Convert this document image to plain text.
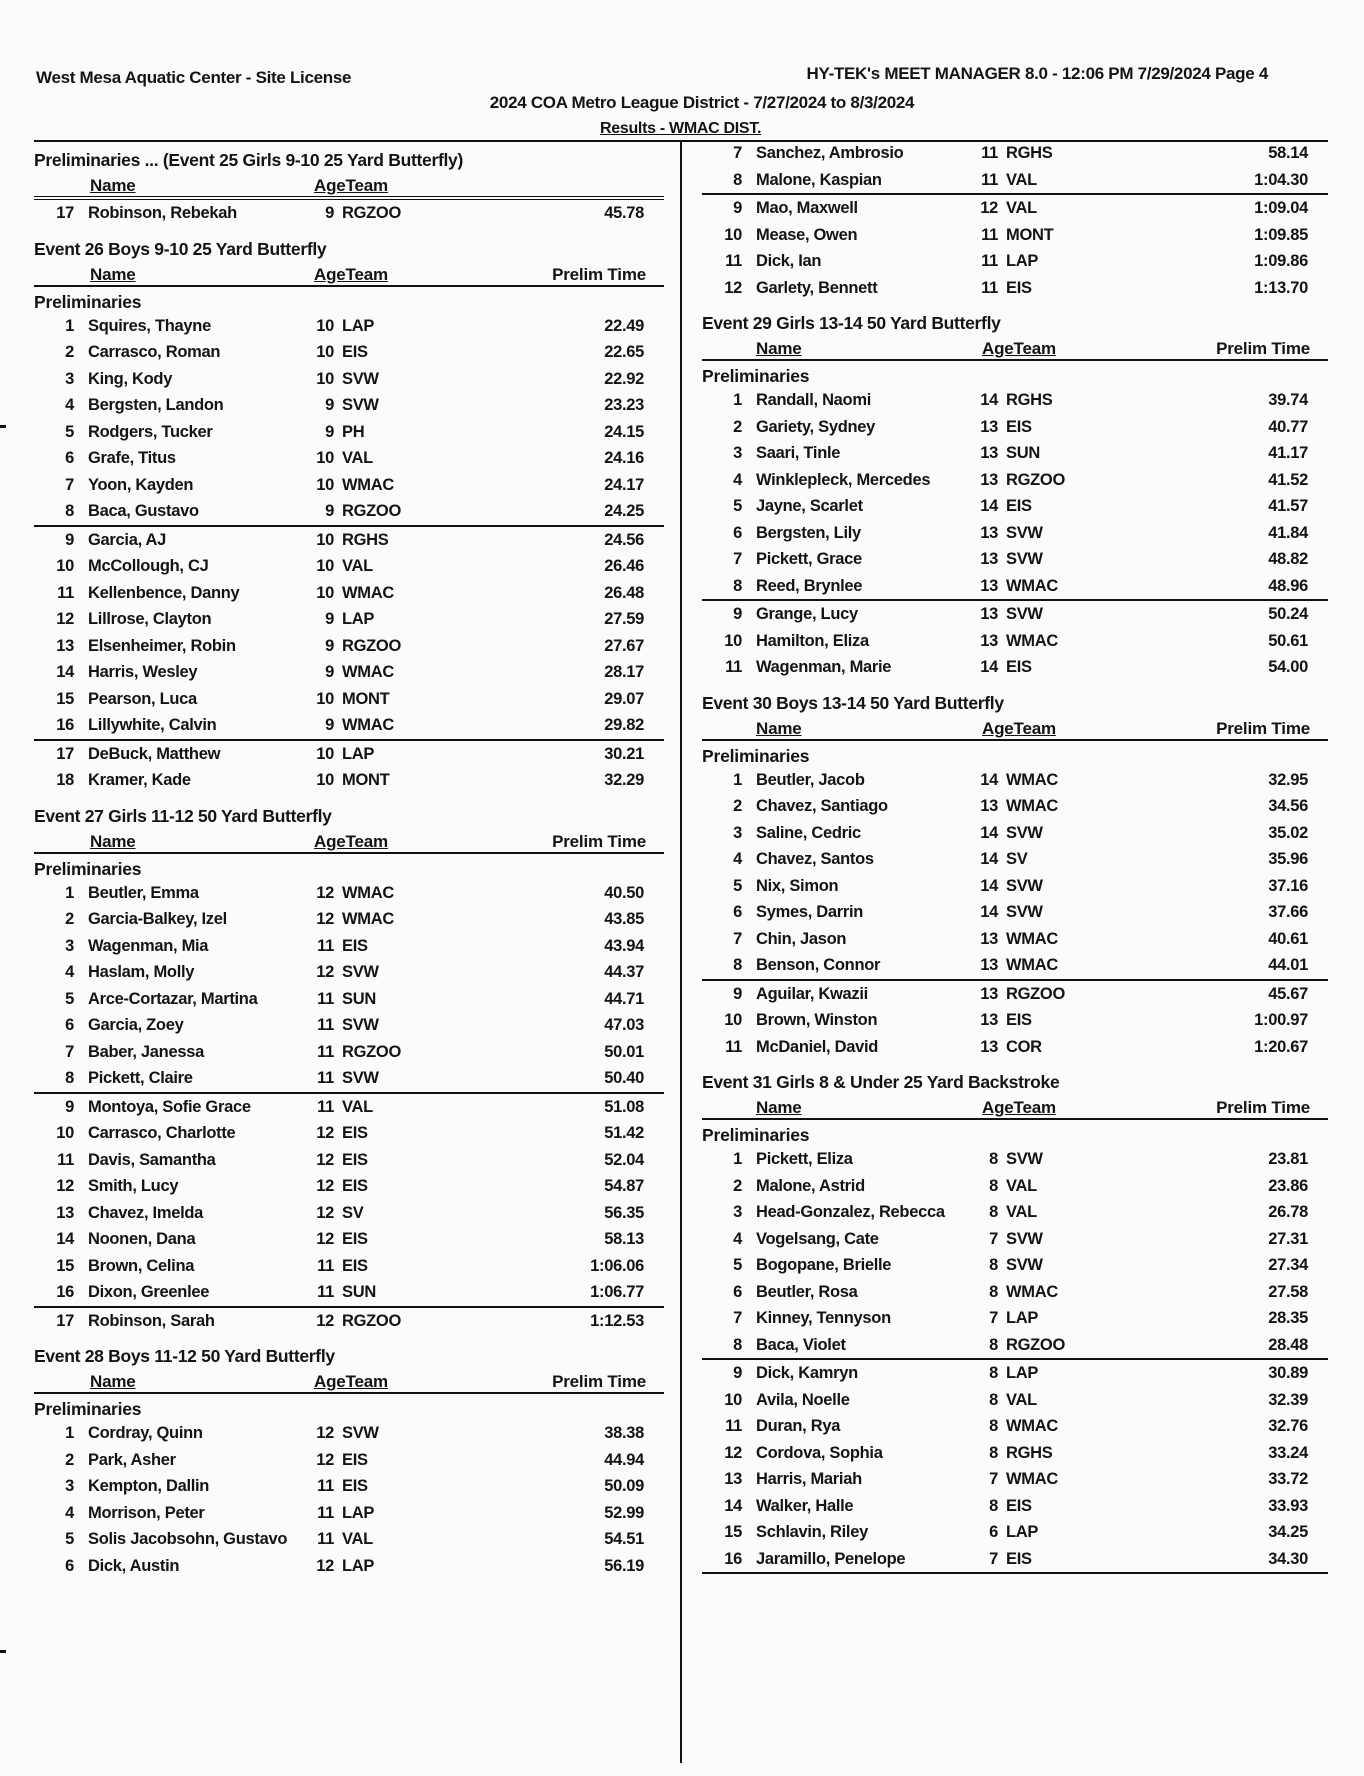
West Mesa Aquatic Center - Site License	HY-TEK's MEET MANAGER 8.0 - 12:06 PM 7/29/2024 Page 4
2024 COA Metro League District - 7/27/2024 to 8/3/2024
Results - WMAC DIST.
Preliminaries ... (Event 25 Girls 9-10 25 Yard Butterfly)
Name	AgeTeam
17 Robinson, Rebekah	9 RGZOO	45.78
Event 26 Boys 9-10 25 Yard Butterfly
Name	AgeTeam	Prelim Time
Preliminaries
1 Squires, Thayne	10 LAP	22.49
2 Carrasco, Roman	10 EIS	22.65
3 King, Kody	10 SVW	22.92
4 Bergsten, Landon	9 SVW	23.23
5 Rodgers, Tucker	9 PH	24.15
6 Grafe, Titus	10 VAL	24.16
7 Yoon, Kayden	10 WMAC	24.17
8 Baca, Gustavo	9 RGZOO	24.25
9 Garcia, AJ	10 RGHS	24.56
10 McCollough, CJ	10 VAL	26.46
11 Kellenbence, Danny	10 WMAC	26.48
12 Lillrose, Clayton	9 LAP	27.59
13 Elsenheimer, Robin	9 RGZOO	27.67
14 Harris, Wesley	9 WMAC	28.17
15 Pearson, Luca	10 MONT	29.07
16 Lillywhite, Calvin	9 WMAC	29.82
17 DeBuck, Matthew	10 LAP	30.21
18 Kramer, Kade	10 MONT	32.29
Event 27 Girls 11-12 50 Yard Butterfly
Name	AgeTeam	Prelim Time
Preliminaries
1 Beutler, Emma	12 WMAC	40.50
2 Garcia-Balkey, Izel	12 WMAC	43.85
3 Wagenman, Mia	11 EIS	43.94
4 Haslam, Molly	12 SVW	44.37
5 Arce-Cortazar, Martina	11 SUN	44.71
6 Garcia, Zoey	11 SVW	47.03
7 Baber, Janessa	11 RGZOO	50.01
8 Pickett, Claire	11 SVW	50.40
9 Montoya, Sofie Grace	11 VAL	51.08
10 Carrasco, Charlotte	12 EIS	51.42
11 Davis, Samantha	12 EIS	52.04
12 Smith, Lucy	12 EIS	54.87
13 Chavez, Imelda	12 SV	56.35
14 Noonen, Dana	12 EIS	58.13
15 Brown, Celina	11 EIS	1:06.06
16 Dixon, Greenlee	11 SUN	1:06.77
17 Robinson, Sarah	12 RGZOO	1:12.53
Event 28 Boys 11-12 50 Yard Butterfly
Name	AgeTeam	Prelim Time
Preliminaries
1 Cordray, Quinn	12 SVW	38.38
2 Park, Asher	12 EIS	44.94
3 Kempton, Dallin	11 EIS	50.09
4 Morrison, Peter	11 LAP	52.99
5 Solis Jacobsohn, Gustavo 11 VAL	54.51
6 Dick, Austin	12 LAP	56.19
7 Sanchez, Ambrosio	11 RGHS	58.14
8 Malone, Kaspian	11 VAL	1:04.30
9 Mao, Maxwell	12 VAL	1:09.04
10 Mease, Owen	11 MONT	1:09.85
11 Dick, Ian	11 LAP	1:09.86
12 Garlety, Bennett	11 EIS	1:13.70
Event 29 Girls 13-14 50 Yard Butterfly
Name	AgeTeam	Prelim Time
Preliminaries
1 Randall, Naomi	14 RGHS	39.74
2 Gariety, Sydney	13 EIS	40.77
3 Saari, Tinle	13 SUN	41.17
4 Winklepleck, Mercedes	13 RGZOO	41.52
5 Jayne, Scarlet	14 EIS	41.57
6 Bergsten, Lily	13 SVW	41.84
7 Pickett, Grace	13 SVW	48.82
8 Reed, Brynlee	13 WMAC	48.96
9 Grange, Lucy	13 SVW	50.24
10 Hamilton, Eliza	13 WMAC	50.61
11 Wagenman, Marie	14 EIS	54.00
Event 30 Boys 13-14 50 Yard Butterfly
Name	AgeTeam	Prelim Time
Preliminaries
1 Beutler, Jacob	14 WMAC	32.95
2 Chavez, Santiago	13 WMAC	34.56
3 Saline, Cedric	14 SVW	35.02
4 Chavez, Santos	14 SV	35.96
5 Nix, Simon	14 SVW	37.16
6 Symes, Darrin	14 SVW	37.66
7 Chin, Jason	13 WMAC	40.61
8 Benson, Connor	13 WMAC	44.01
9 Aguilar, Kwazii	13 RGZOO	45.67
10 Brown, Winston	13 EIS	1:00.97
11 McDaniel, David	13 COR	1:20.67
Event 31 Girls 8 & Under 25 Yard Backstroke
Name	AgeTeam	Prelim Time
Preliminaries
1 Pickett, Eliza	8 SVW	23.81
2 Malone, Astrid	8 VAL	23.86
3 Head-Gonzalez, Rebecca	8 VAL	26.78
4 Vogelsang, Cate	7 SVW	27.31
5 Bogopane, Brielle	8 SVW	27.34
6 Beutler, Rosa	8 WMAC	27.58
7 Kinney, Tennyson	7 LAP	28.35
8 Baca, Violet	8 RGZOO	28.48
9 Dick, Kamryn	8 LAP	30.89
10 Avila, Noelle	8 VAL	32.39
11 Duran, Rya	8 WMAC	32.76
12 Cordova, Sophia	8 RGHS	33.24
13 Harris, Mariah	7 WMAC	33.72
14 Walker, Halle	8 EIS	33.93
15 Schlavin, Riley	6 LAP	34.25
16 Jaramillo, Penelope	7 EIS	34.30
